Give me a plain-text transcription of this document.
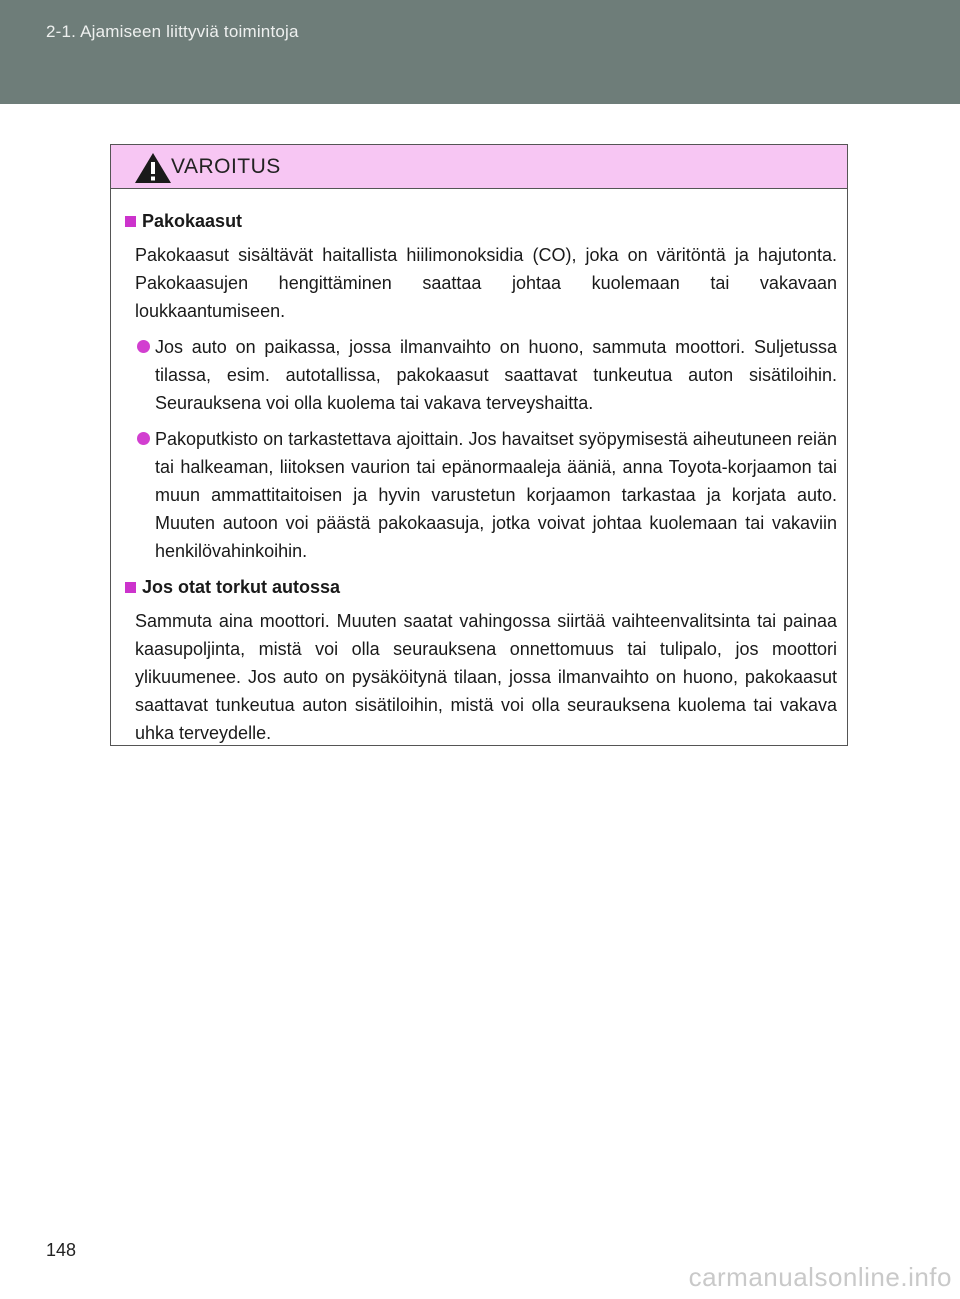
2-1. Ajamiseen liittyviä toimintoja
VAROITUS
Pakokaasut
Pakokaasut sisältävät haitallista hiilimonoksidia (CO), joka on väritöntä ja hajutonta. Pakokaasujen hengittäminen saattaa johtaa kuolemaan tai vakavaan loukkaantumiseen.
Jos auto on paikassa, jossa ilmanvaihto on huono, sammuta moottori. Suljetussa tilassa, esim. autotallissa, pakokaasut saattavat tunkeutua auton sisätiloihin. Seurauksena voi olla kuolema tai vakava terveyshaitta.
Pakoputkisto on tarkastettava ajoittain. Jos havaitset syöpymisestä aiheutuneen reiän tai halkeaman, liitoksen vaurion tai epänormaaleja ääniä, anna Toyota-korjaamon tai muun ammattitaitoisen ja hyvin varustetun korjaamon tarkastaa ja korjata auto. Muuten autoon voi päästä pakokaasuja, jotka voivat johtaa kuolemaan tai vakaviin henkilövahinkoihin.
Jos otat torkut autossa
Sammuta aina moottori. Muuten saatat vahingossa siirtää vaihteenvalitsinta tai painaa kaasupoljinta, mistä voi olla seurauksena onnettomuus tai tulipalo, jos moottori ylikuumenee. Jos auto on pysäköitynä tilaan, jossa ilmanvaihto on huono, pakokaasut saattavat tunkeutua auton sisätiloihin, mistä voi olla seurauksena kuolema tai vakava uhka terveydelle.
148
carmanualsonline.info
